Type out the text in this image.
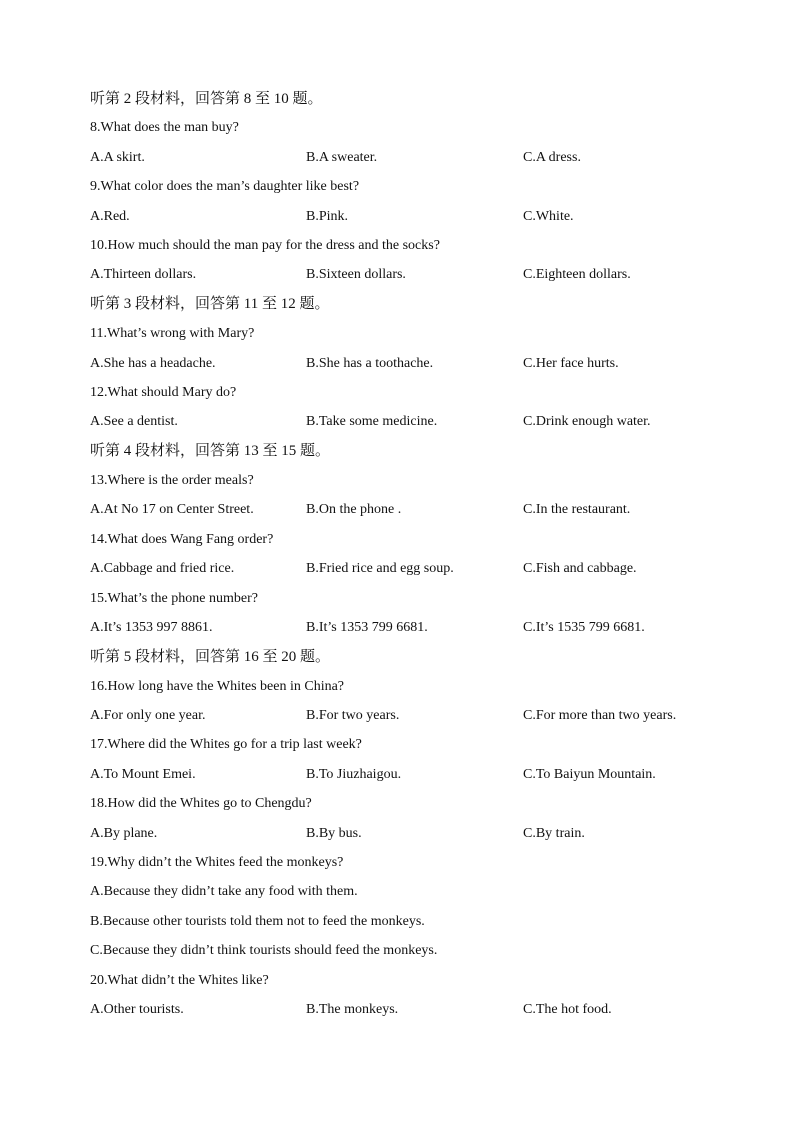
听第 2 段材料，回答第 8 至 10 题。
8.What does the man buy?
A.A skirt.	B.A sweater.	C.A dress.
9.What color does the man’s daughter like best?
A.Red.	B.Pink.	C.White.
10.How much should the man pay for the dress and the socks?
A.Thirteen dollars.	B.Sixteen dollars.	C.Eighteen dollars.
听第 3 段材料，回答第 11 至 12 题。
11.What’s wrong with Mary?
A.She has a headache.	B.She has a toothache.	C.Her face hurts.
12.What should Mary do?
A.See a dentist.	B.Take some medicine.	C.Drink enough water.
听第 4 段材料，回答第 13 至 15 题。
13.Where is the order meals?
A.At No 17 on Center Street.	B.On the phone .	C.In the restaurant.
14.What does Wang Fang order?
A.Cabbage and fried rice.	B.Fried rice and egg soup.	C.Fish and cabbage.
15.What’s the phone number?
A.It’s 1353 997 8861.	B.It’s 1353 799 6681.	C.It’s 1535 799 6681.
听第 5 段材料，回答第 16 至 20 题。
16.How long have the Whites been in China?
A.For only one year.	B.For two years.	C.For more than two years.
17.Where did the Whites go for a trip last week?
A.To Mount Emei.	B.To Jiuzhaigou.	C.To Baiyun Mountain.
18.How did the Whites go to Chengdu?
A.By plane.	B.By bus.	C.By train.
19.Why didn’t the Whites feed the monkeys?
A.Because they didn’t take any food with them.
B.Because other tourists told them not to feed the monkeys.
C.Because they didn’t think tourists should feed the monkeys.
20.What didn’t the Whites like?
A.Other tourists.	B.The monkeys.	C.The hot food.
